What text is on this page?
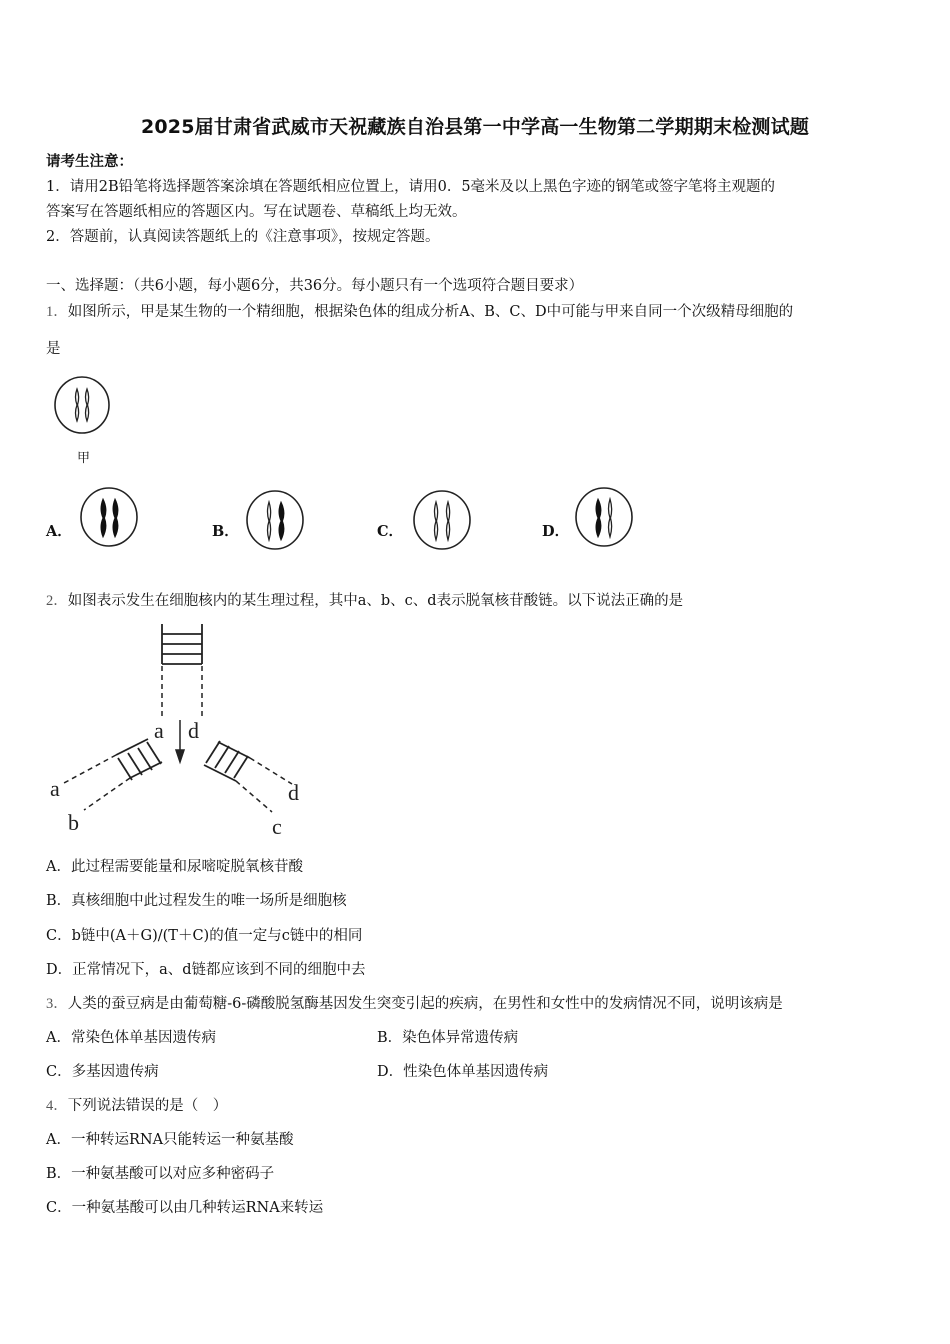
2025届甘肃省武威市天祝藏族自治县第一中学高一生物第二学期期末检测试题
请考生注意：
1．请用2B铅笔将选择题答案涂填在答题纸相应位置上，请用0．5毫米及以上黑色字迹的钢笔或签字笔将主观题的
答案写在答题纸相应的答题区内。写在试题卷、草稿纸上均无效。
2．答题前，认真阅读答题纸上的《注意事项》，按规定答题。
一、选择题：（共6小题，每小题6分，共36分。每小题只有一个选项符合题目要求）
1．如图所示，甲是某生物的一个精细胞，根据染色体的组成分析A、B、C、D中可能与甲来自同一个次级精母细胞的
是
甲
A．	B．	C．	D．
2．如图表示发生在细胞核内的某生理过程，其中a、b、c、d表示脱氧核苷酸链。以下说法正确的是
a d
a
b
d
c
A．此过程需要能量和尿嘧啶脱氧核苷酸
B．真核细胞中此过程发生的唯一场所是细胞核
C．b链中(A＋G)/(T＋C)的值一定与c链中的相同
D．正常情况下，a、d链都应该到不同的细胞中去
3．人类的蚕豆病是由葡萄糖-6-磷酸脱氢酶基因发生突变引起的疾病，在男性和女性中的发病情况不同，说明该病是
A．常染色体单基因遗传病	B．染色体异常遗传病
C．多基因遗传病	D．性染色体单基因遗传病
4．下列说法错误的是（　）
A．一种转运RNA只能转运一种氨基酸
B．一种氨基酸可以对应多种密码子
C．一种氨基酸可以由几种转运RNA来转运
